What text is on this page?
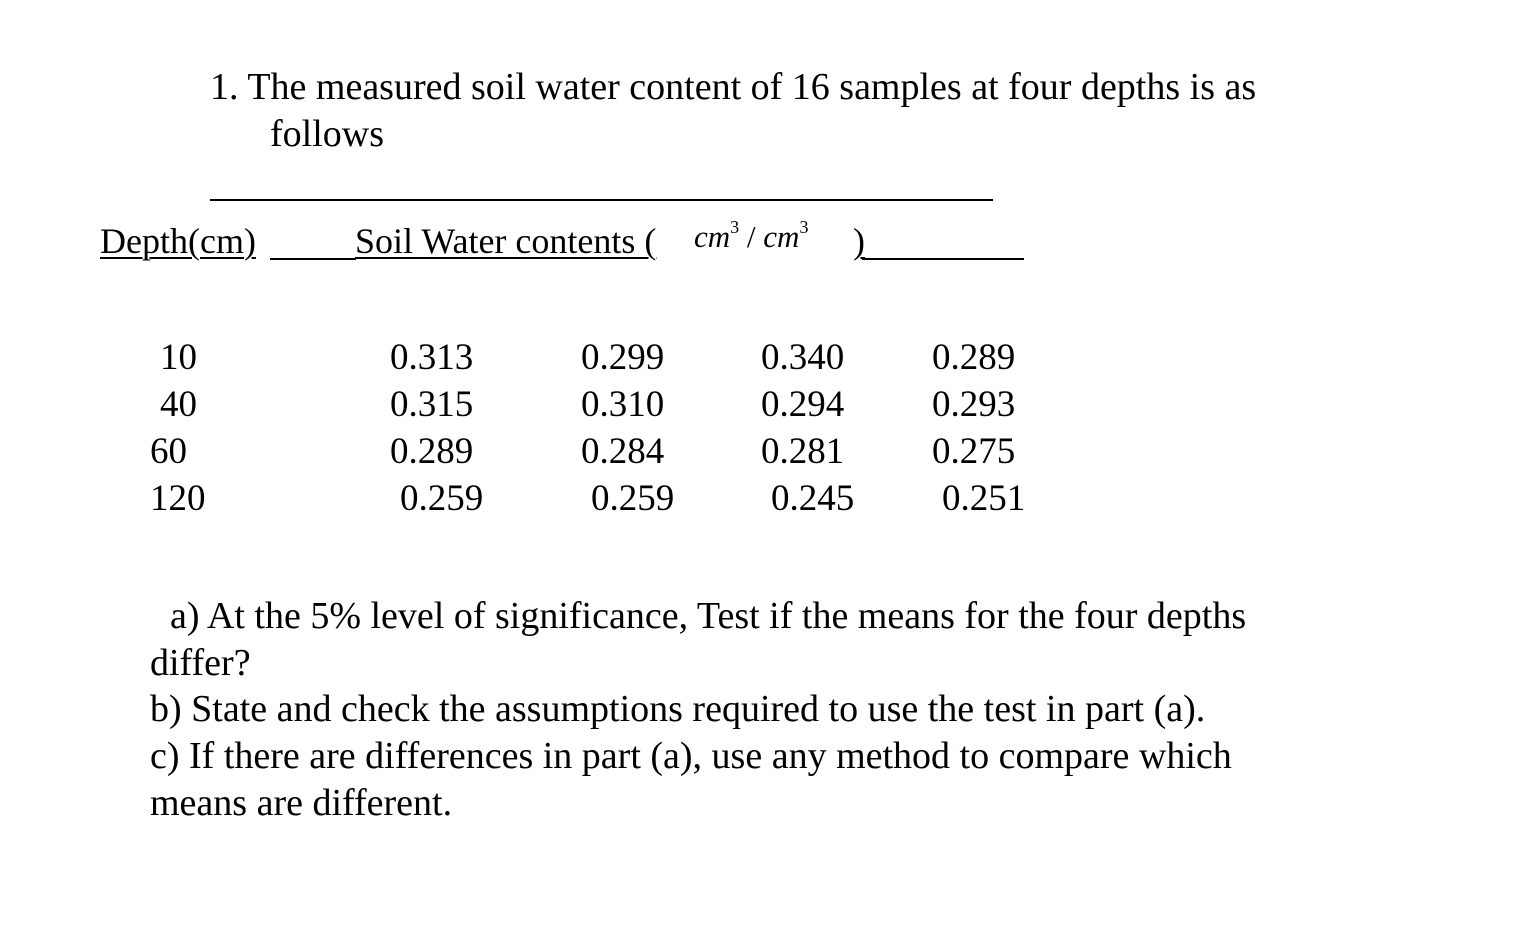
1. The measured soil water content of 16 samples at four depths is as
follows
Depth(cm)	Soil Water contents ( $cm^3 / cm^3$ )
10	0.313	0.299	0.340 0.289
40	0.315	0.310	0.294 0.293
60	0.289	0.284	0.281 0.275
120	0.259	0.259	0.245 0.251
a) At the 5% level of significance, Test if the means for the four depths
differ?
b) State and check the assumptions required to use the test in part (a).
c) If there are differences in part (a), use any method to compare which
means are different.
